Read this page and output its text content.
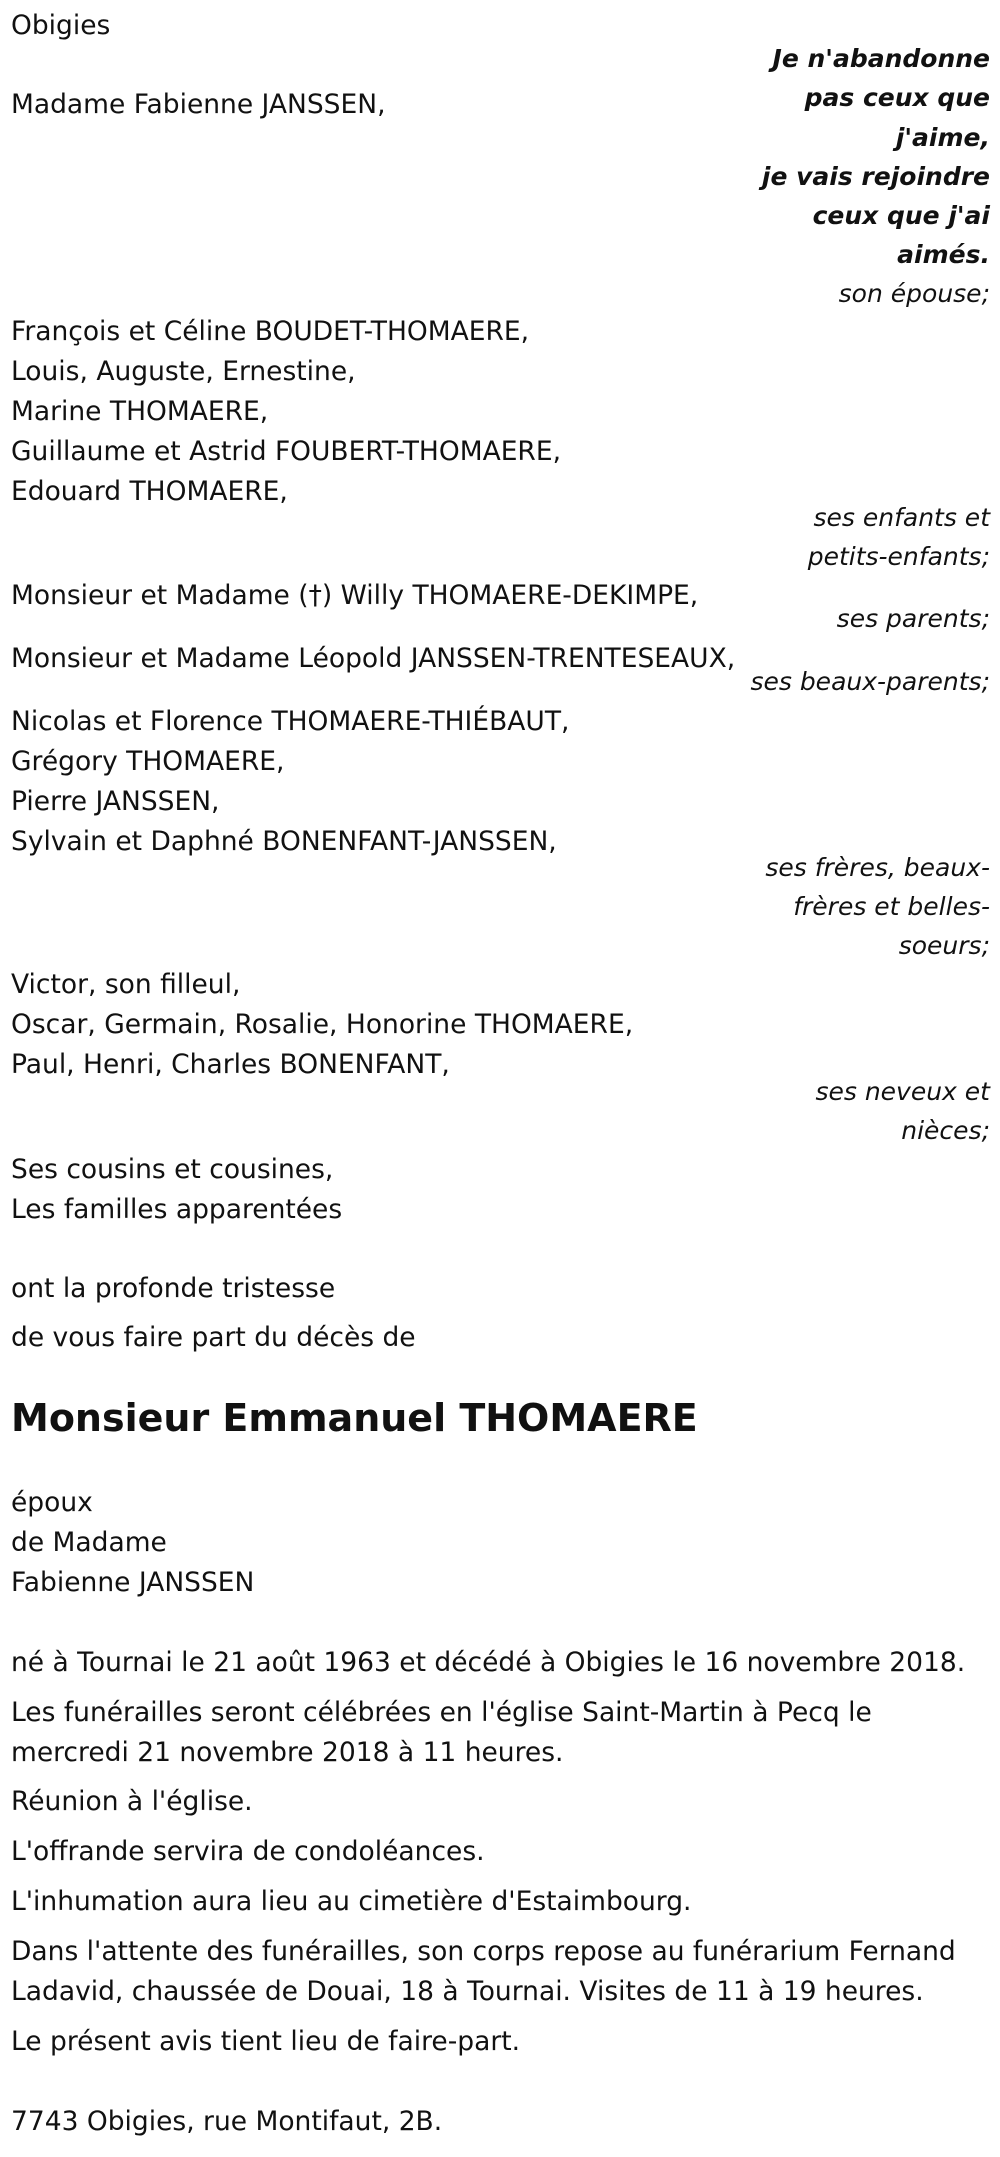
Obigies
Je n'abandonne
pas ceux que
j'aime,
je vais rejoindre
ceux que j'ai
aimés.
Madame Fabienne JANSSEN,
son épouse;
François et Céline BOUDET-THOMAERE,
Louis, Auguste, Ernestine,
Marine THOMAERE,
Guillaume et Astrid FOUBERT-THOMAERE,
Edouard THOMAERE,
ses enfants et
petits-enfants;
Monsieur et Madame (†) Willy THOMAERE-DEKIMPE,
ses parents;
Monsieur et Madame Léopold JANSSEN-TRENTESEAUX,
ses beaux-parents;
Nicolas et Florence THOMAERE-THIÉBAUT,
Grégory THOMAERE,
Pierre JANSSEN,
Sylvain et Daphné BONENFANT-JANSSEN,
ses frères, beaux-
frères et belles-
soeurs;
Victor, son filleul,
Oscar, Germain, Rosalie, Honorine THOMAERE,
Paul, Henri, Charles BONENFANT,
ses neveux et
nièces;
Ses cousins et cousines,
Les familles apparentées
ont la profonde tristesse
de vous faire part du décès de
Monsieur Emmanuel THOMAERE
époux
de Madame
Fabienne JANSSEN
né à Tournai le 21 août 1963 et décédé à Obigies le 16 novembre 2018.
Les funérailles seront célébrées en l'église Saint-Martin à Pecq le
mercredi 21 novembre 2018 à 11 heures.
Réunion à l'église.
L'offrande servira de condoléances.
L'inhumation aura lieu au cimetière d'Estaimbourg.
Dans l'attente des funérailles, son corps repose au funérarium Fernand
Ladavid, chaussée de Douai, 18 à Tournai. Visites de 11 à 19 heures.
Le présent avis tient lieu de faire-part.
7743 Obigies, rue Montifaut, 2B.
